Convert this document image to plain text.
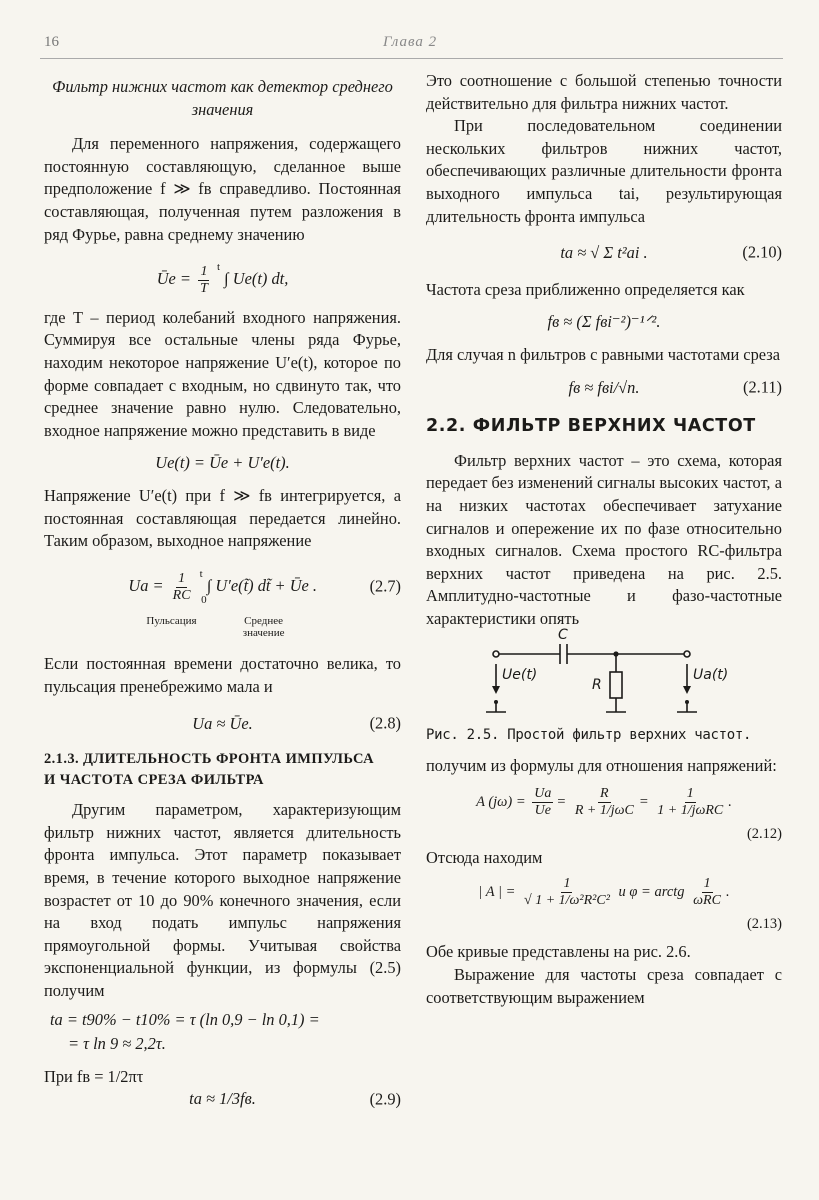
16	Глава 2
Фильтр нижних частот как детектор среднего значения

Для переменного напряжения, содержащего постоянную составляющую, сделанное выше предположение f ≫ fв справедливо. Постоянная составляющая, полученная путем разложения в ряд Фурье, равна среднему значению

Ūe = $\frac{1}{T} ^t$ ∫ Ue(t) dt,

где T – период колебаний входного напряжения. Суммируя все остальные члены ряда Фурье, находим некоторое напряжение U′e(t), которое по форме совпадает с входным, но сдвинуто так, что среднее значение равно нулю. Следовательно, входное напряжение можно представить в виде

Ue(t) = Ūe + U′e(t).

Напряжение U′e(t) при f ≫ fв интегрируется, а постоянная составляющая передается линейно. Таким образом, выходное напряжение

$Ua = \frac{1}{RC} ^t$ ∫ U′e(t̃) dt̃ + Ūe . $_0$
(2.7)
Пульсация	Среднее значение

Если постоянная времени достаточно велика, то пульсация пренебрежимо мала и

Ua ≈ Ūe.	(2.8)
2.1.3. ДЛИТЕЛЬНОСТЬ ФРОНТА ИМПУЛЬСА
И ЧАСТОТА СРЕЗА ФИЛЬТРА

Другим параметром, характеризующим фильтр нижних частот, является длительность фронта импульса. Этот параметр показывает время, в течение которого выходное напряжение возрастет от 10 до 90% конечного значения, если на вход подать импульс напряжения прямоугольной формы. Учитывая свойства экспоненциальной функции, из формулы (2.5) получим

ta = t90% − t10% = τ (ln 0,9 − ln 0,1) =
= τ ln 9 ≈ 2,2τ.

При fв = 1/2πτ

ta ≈ 1/3fв.	(2.9)

Это соотношение с большой степенью точности действительно для фильтра нижних частот.

При последовательном соединении нескольких фильтров нижних частот, обеспечивающих различные длительности фронта выходного импульса tai, результирующая длительность фронта импульса

ta ≈ √ Σ t²ai .	(2.10)

Частота среза приближенно определяется как

fв ≈ (Σ fвi⁻²)⁻¹ᐟ².

Для случая n фильтров с равными частотами среза

fв ≈ fвi/√n.	(2.11)
2.2. ФИЛЬТР ВЕРХНИХ ЧАСТОТ

Фильтр верхних частот – это схема, которая передает без изменений сигналы высоких частот, а на низких частотах обеспечивает затухание сигналов и опережение их по фазе относительно входных сигналов. Схема простого RC-фильтра верхних частот приведена на рис. 2.5. Амплитудно-частотные и фазо-частотные характеристики опять

C
R
Ue(t)	Ua(t)
Рис. 2.5. Простой фильтр верхних частот.

получим из формулы для отношения напряжений:

A $(j\omega) = \frac{Ua}{Ue} = \frac{R}{\text{R + 1/jωC}} = \frac{1}{\text{1 + 1/jωRC}}$ .
(2.12)

Отсюда находим

| A | = $\frac{1}{\text{√ 1 + 1/ω²R²C²}}$ и φ = arctg $\frac{1}{\text{ωRC}}$ .
(2.13)

Обе кривые представлены на рис. 2.6.

Выражение для частоты среза совпадает с соответствующим выражением
